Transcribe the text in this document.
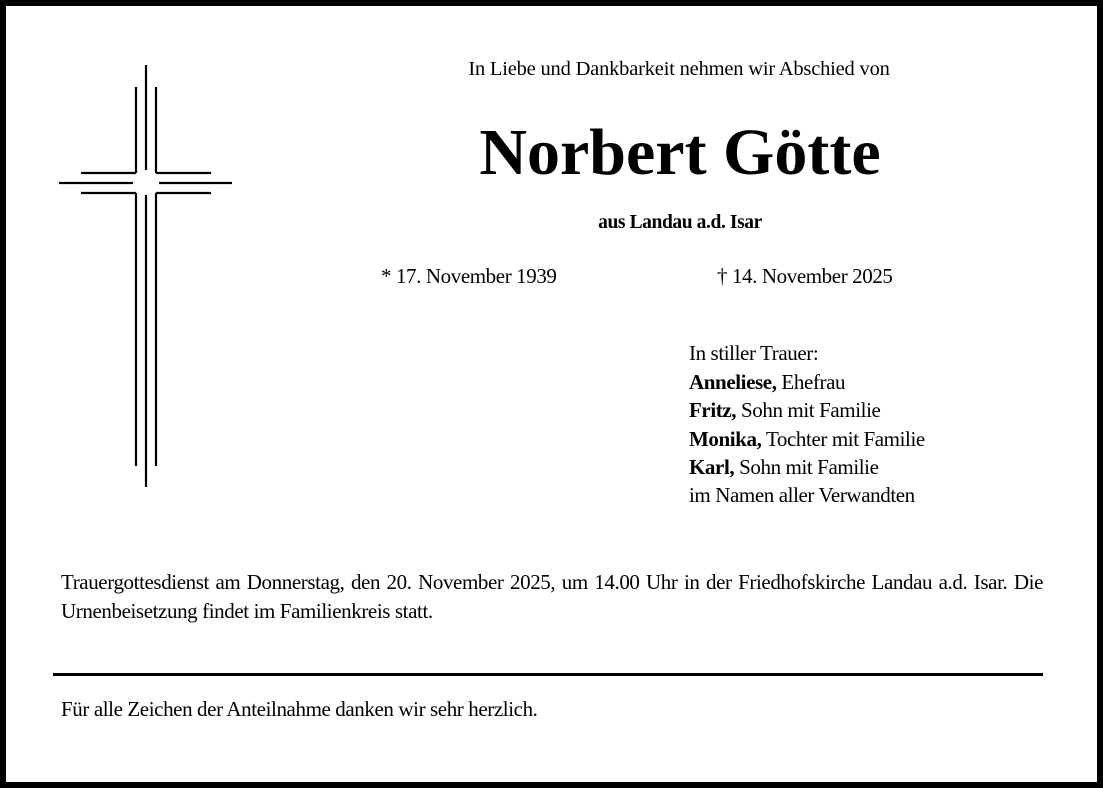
In Liebe und Dankbarkeit nehmen wir Abschied von
Norbert Götte
aus Landau a.d. Isar
* 17. November 1939	† 14. November 2025
In stiller Trauer:
Anneliese, Ehefrau
Fritz, Sohn mit Familie
Monika, Tochter mit Familie
Karl, Sohn mit Familie
im Namen aller Verwandten
Trauergottesdienst am Donnerstag, den 20. November 2025, um 14.00 Uhr in der Friedhofskirche Landau a.d. Isar. Die Urnenbeisetzung findet im Familienkreis statt.
Für alle Zeichen der Anteilnahme danken wir sehr herzlich.
